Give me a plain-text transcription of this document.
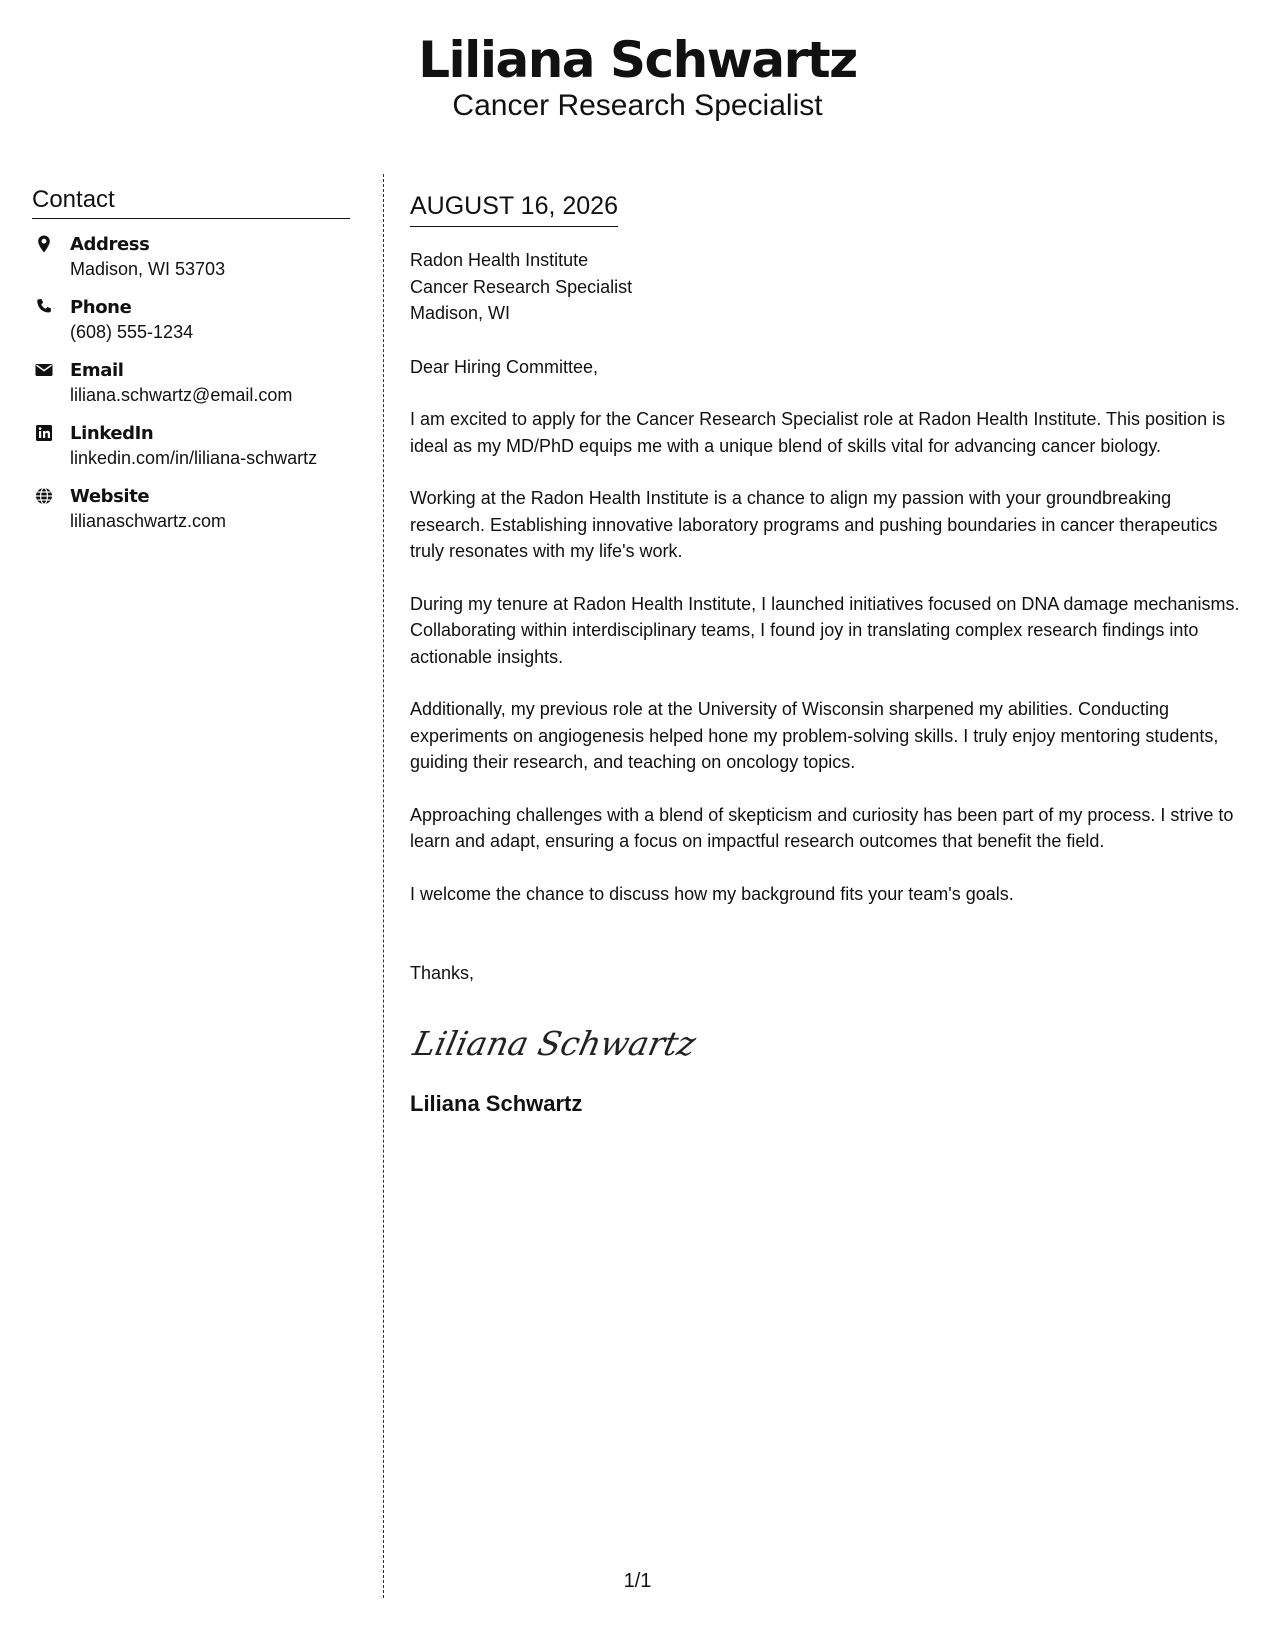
Liliana Schwartz
Cancer Research Specialist
Contact
Address
Madison, WI 53703
Phone
(608) 555-1234
Email
liliana.schwartz@email.com
LinkedIn
linkedin.com/in/liliana-schwartz
Website
lilianaschwartz.com
AUGUST 16, 2026
Radon Health Institute
Cancer Research Specialist
Madison, WI
Dear Hiring Committee,
I am excited to apply for the Cancer Research Specialist role at Radon Health Institute. This position is ideal as my MD/PhD equips me with a unique blend of skills vital for advancing cancer biology.
Working at the Radon Health Institute is a chance to align my passion with your groundbreaking research. Establishing innovative laboratory programs and pushing boundaries in cancer therapeutics truly resonates with my life's work.
During my tenure at Radon Health Institute, I launched initiatives focused on DNA damage mechanisms. Collaborating within interdisciplinary teams, I found joy in translating complex research findings into actionable insights.
Additionally, my previous role at the University of Wisconsin sharpened my abilities. Conducting experiments on angiogenesis helped hone my problem-solving skills. I truly enjoy mentoring students, guiding their research, and teaching on oncology topics.
Approaching challenges with a blend of skepticism and curiosity has been part of my process. I strive to learn and adapt, ensuring a focus on impactful research outcomes that benefit the field.
I welcome the chance to discuss how my background fits your team's goals.
Thanks,
Liliana Schwartz
Liliana Schwartz
1/1
